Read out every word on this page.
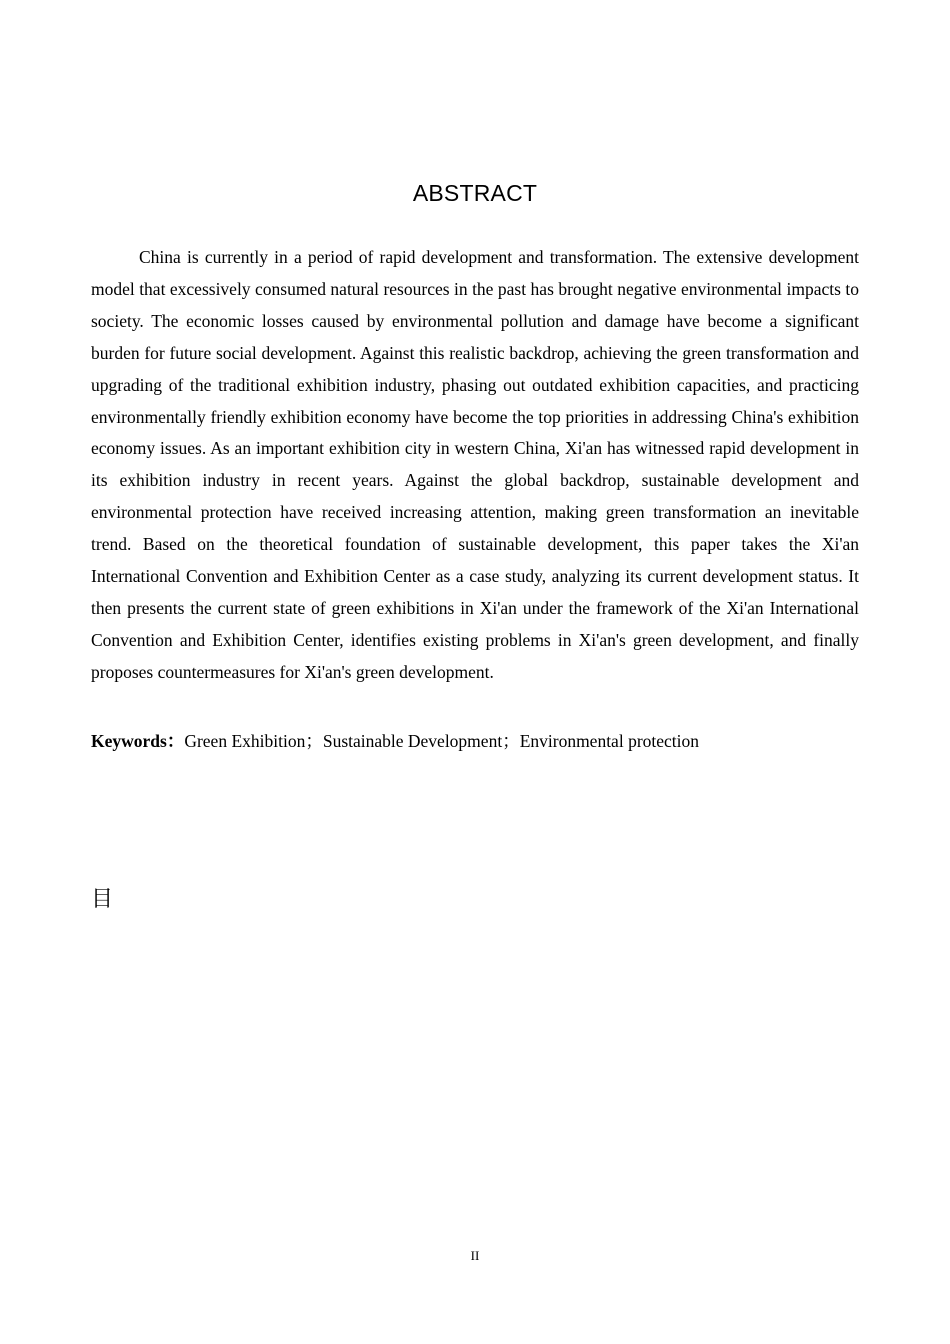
ABSTRACT

China is currently in a period of rapid development and transformation. The extensive development model that excessively consumed natural resources in the past has brought negative environmental impacts to society. The economic losses caused by environmental pollution and damage have become a significant burden for future social development. Against this realistic backdrop, achieving the green transformation and upgrading of the traditional exhibition industry, phasing out outdated exhibition capacities, and practicing environmentally friendly exhibition economy have become the top priorities in addressing China's exhibition economy issues. As an important exhibition city in western China, Xi'an has witnessed rapid development in its exhibition industry in recent years. Against the global backdrop, sustainable development and environmental protection have received increasing attention, making green transformation an inevitable trend. Based on the theoretical foundation of sustainable development, this paper takes the Xi'an International Convention and Exhibition Center as a case study, analyzing its current development status. It then presents the current state of green exhibitions in Xi'an under the framework of the Xi'an International Convention and Exhibition Center, identifies existing problems in Xi'an's green development, and finally proposes countermeasures for Xi'an's green development.

Keywords：Green Exhibition；Sustainable Development；Environmental protection
目
II
